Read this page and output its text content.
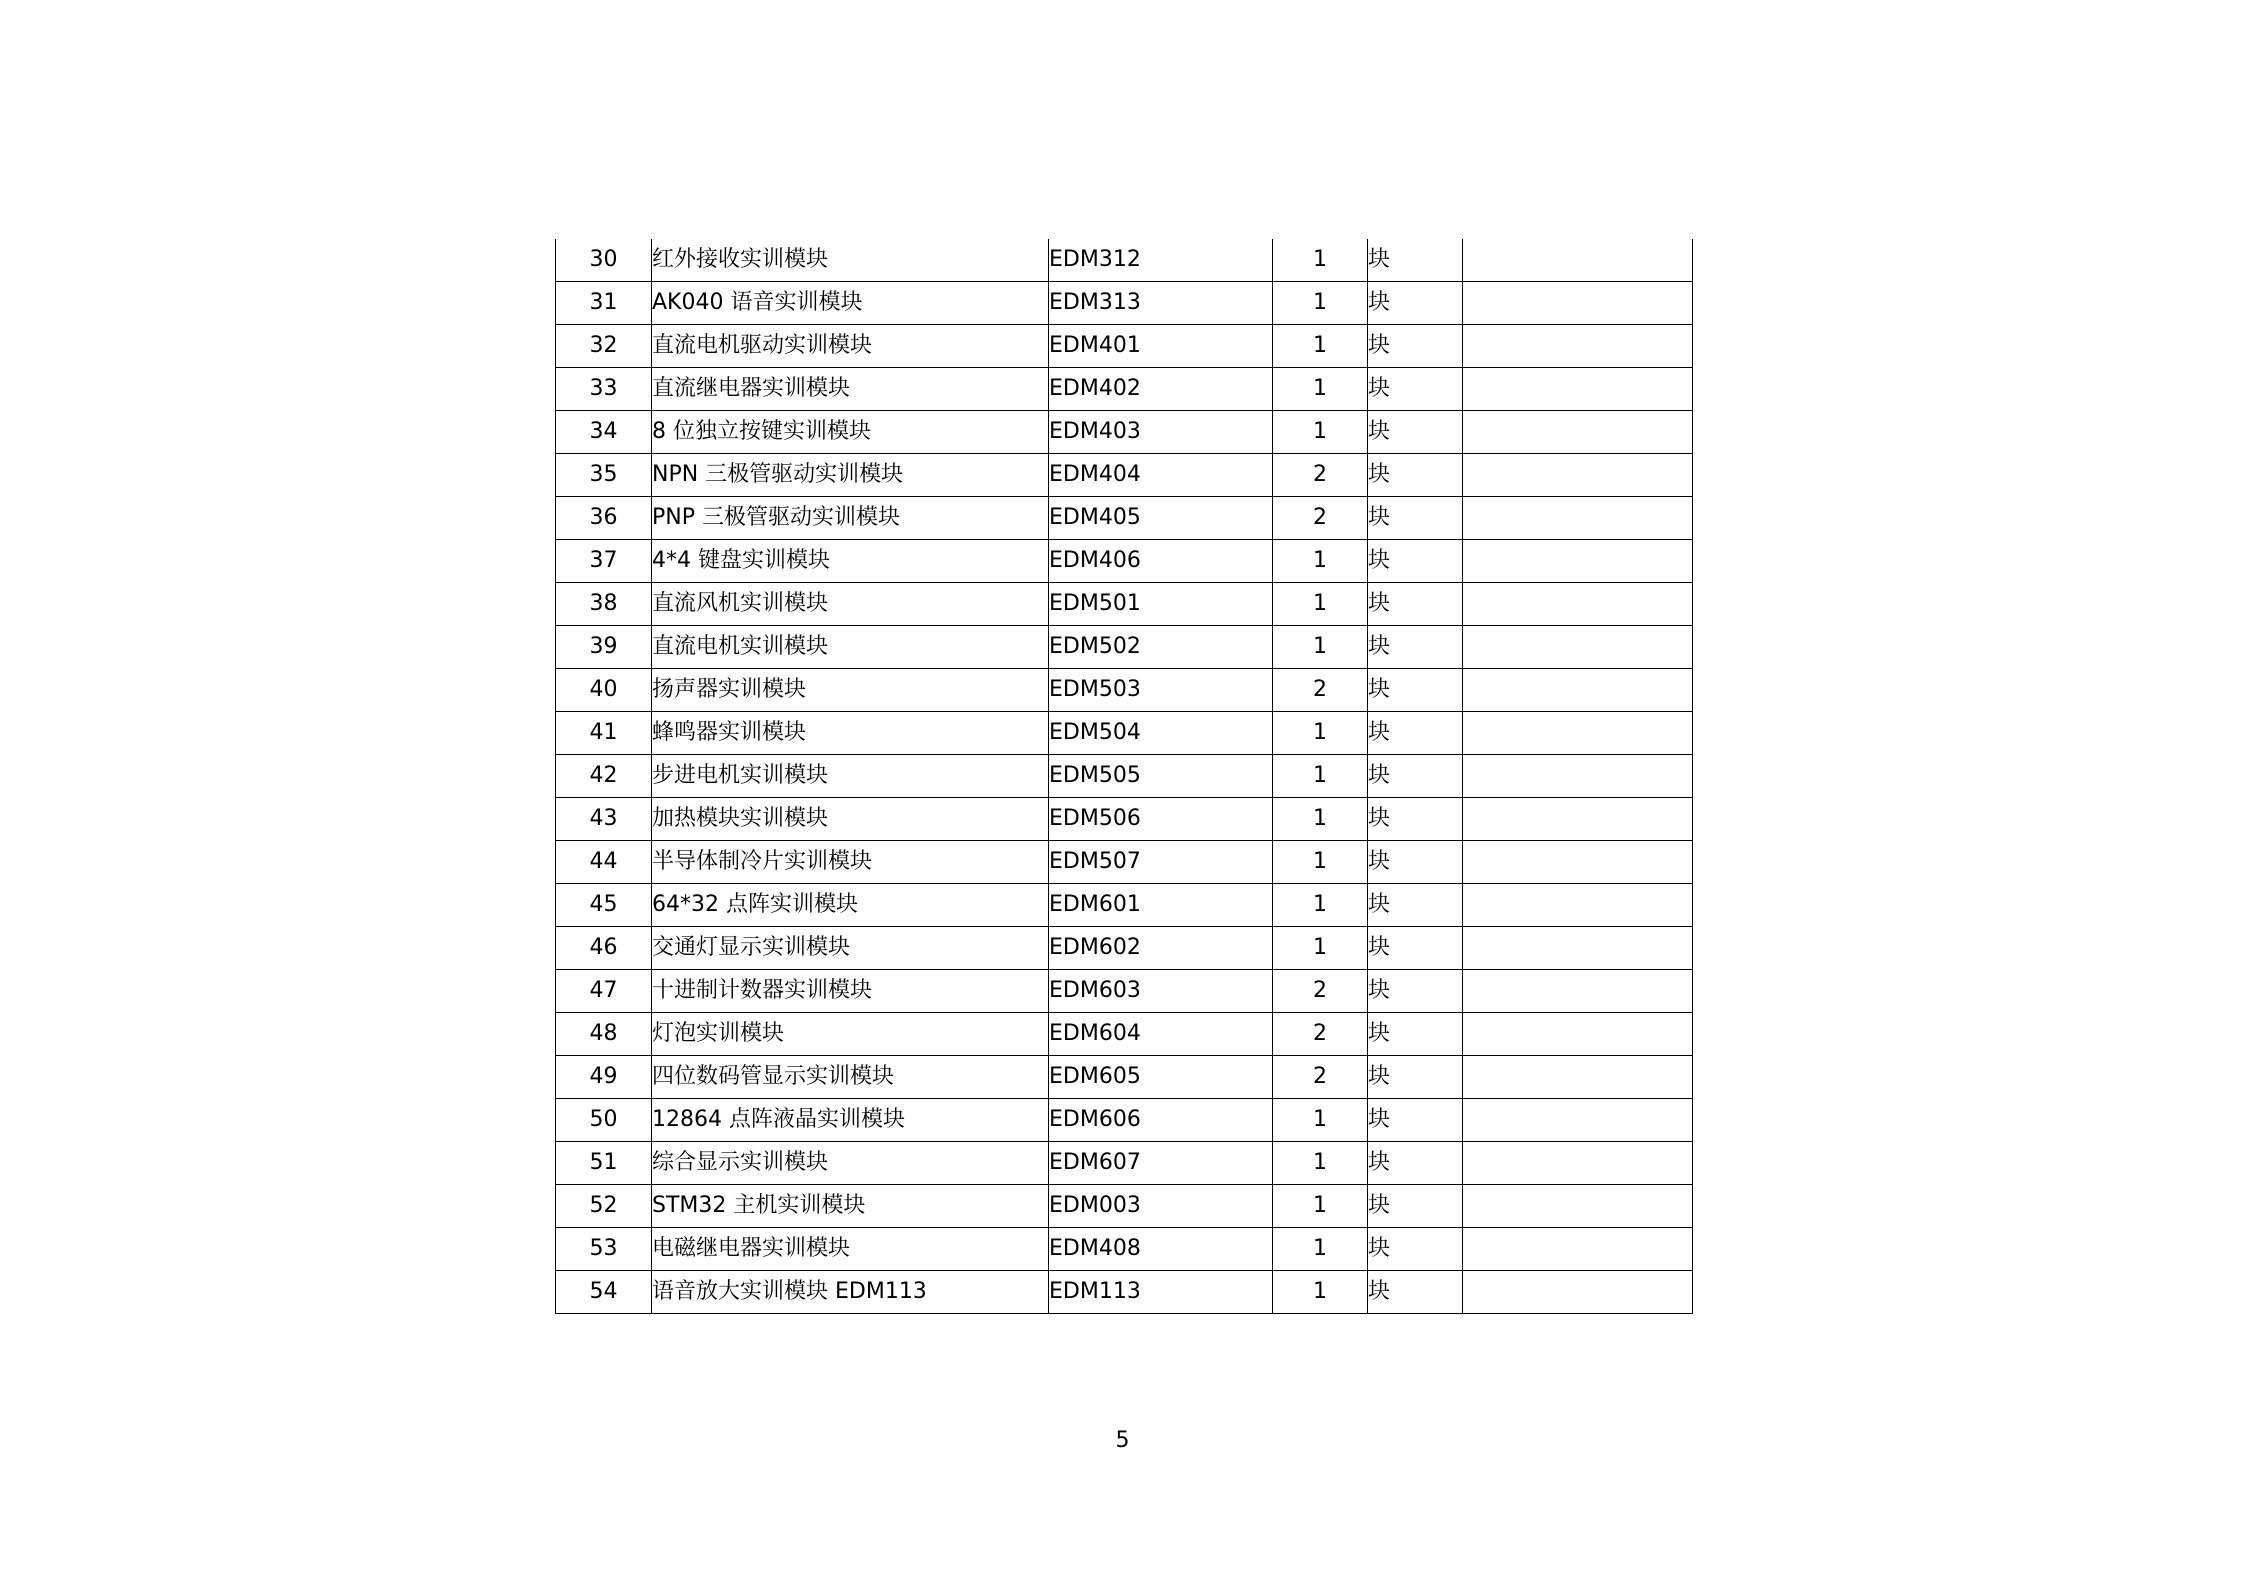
30	红外接收实训模块	EDM312	1	块	
31	AK040 语音实训模块	EDM313	1	块	
32	直流电机驱动实训模块	EDM401	1	块	
33	直流继电器实训模块	EDM402	1	块	
34	8 位独立按键实训模块	EDM403	1	块	
35	NPN 三极管驱动实训模块	EDM404	2	块	
36	PNP 三极管驱动实训模块	EDM405	2	块	
37	4*4 键盘实训模块	EDM406	1	块	
38	直流风机实训模块	EDM501	1	块	
39	直流电机实训模块	EDM502	1	块	
40	扬声器实训模块	EDM503	2	块	
41	蜂鸣器实训模块	EDM504	1	块	
42	步进电机实训模块	EDM505	1	块	
43	加热模块实训模块	EDM506	1	块	
44	半导体制冷片实训模块	EDM507	1	块	
45	64*32 点阵实训模块	EDM601	1	块	
46	交通灯显示实训模块	EDM602	1	块	
47	十进制计数器实训模块	EDM603	2	块	
48	灯泡实训模块	EDM604	2	块	
49	四位数码管显示实训模块	EDM605	2	块	
50	12864 点阵液晶实训模块	EDM606	1	块	
51	综合显示实训模块	EDM607	1	块	
52	STM32 主机实训模块	EDM003	1	块	
53	电磁继电器实训模块	EDM408	1	块	
54	语音放大实训模块 EDM113	EDM113	1	块	
5
